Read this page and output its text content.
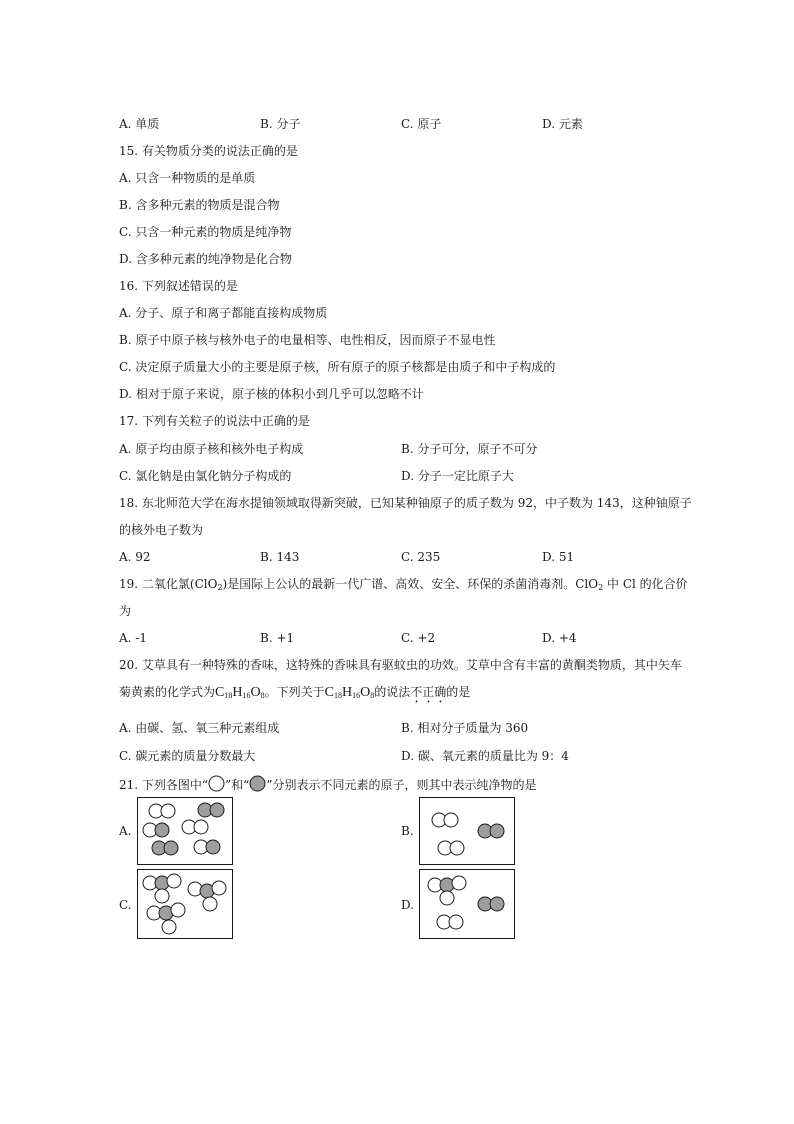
A. 单质	B. 分子	C. 原子	D. 元素
15. 有关物质分类的说法正确的是
A. 只含一种物质的是单质
B. 含多种元素的物质是混合物
C. 只含一种元素的物质是纯净物
D. 含多种元素的纯净物是化合物
16. 下列叙述错误的是
A. 分子、原子和离子都能直接构成物质
B. 原子中原子核与核外电子的电量相等、电性相反，因而原子不显电性
C. 决定原子质量大小的主要是原子核，所有原子的原子核都是由质子和中子构成的
D. 相对于原子来说，原子核的体积小到几乎可以忽略不计
17. 下列有关粒子的说法中正确的是
A. 原子均由原子核和核外电子构成	B. 分子可分，原子不可分
C. 氯化钠是由氯化钠分子构成的	D. 分子一定比原子大
18. 东北师范大学在海水提铀领域取得新突破，已知某种铀原子的质子数为 92，中子数为 143，这种铀原子
的核外电子数为
A. 92	B. 143	C. 235	D. 51
19. 二氧化氯(ClO$_2$)是国际上公认的最新一代广谱、高效、安全、环保的杀菌消毒剂。ClO$_2$ 中 Cl 的化合价
为
A. -1	B. +1	C. +2	D. +4
20. 艾草具有一种特殊的香味，这特殊的香味具有驱蚊虫的功效。艾草中含有丰富的黄酮类物质，其中矢车
菊黄素的化学式为$C_{18}H_{16}O_8$。下列关于$C_{18}H_{16}O_8$的说法不正确的是
A. 由碳、氢、氧三种元素组成	B. 相对分子质量为 360
C. 碳元素的质量分数最大	D. 碳、氧元素的质量比为 9：4
21. 下列各图中“ ”和“ ”分别表示不同元素的原子，则其中表示纯净物的是
A.	B.
C.	D.
